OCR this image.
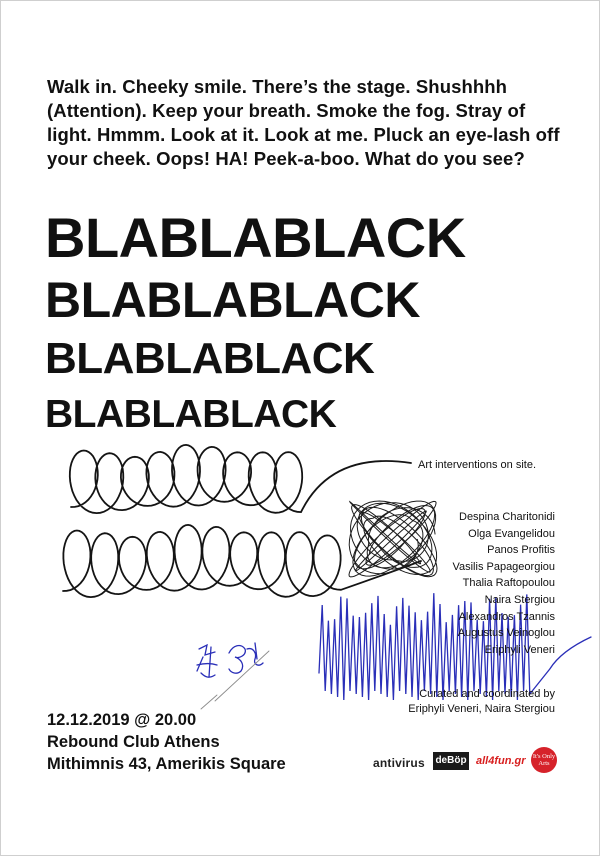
Walk in. Cheeky smile. There’s the stage. Shushhhh (Attention). Keep your breath. Smoke the fog. Stray of light. Hmmm. Look at it. Look at me. Pluck an eye-lash off your cheek. Oops! HA! Peek-a-boo. What do you see?

BLABLABLACK
BLABLABLACK
BLABLABLACK
BLABLABLACK
Art interventions on site.
Despina Charitonidi
Olga Evangelidou
Panos Profitis
Vasilis Papageorgiou
Thalia Raftopoulou
Naira Stergiou
Alexandros Tzannis
Augustus Veinoglou
Eriphyli Veneri
Curated and coordinated by
Eriphyli Veneri, Naira Stergiou
12.12.2019 @ 20.00
Rebound Club Athens
Mithimnis 43, Amerikis Square	antivirus deBöp all4fun.gr It's Only Arts
